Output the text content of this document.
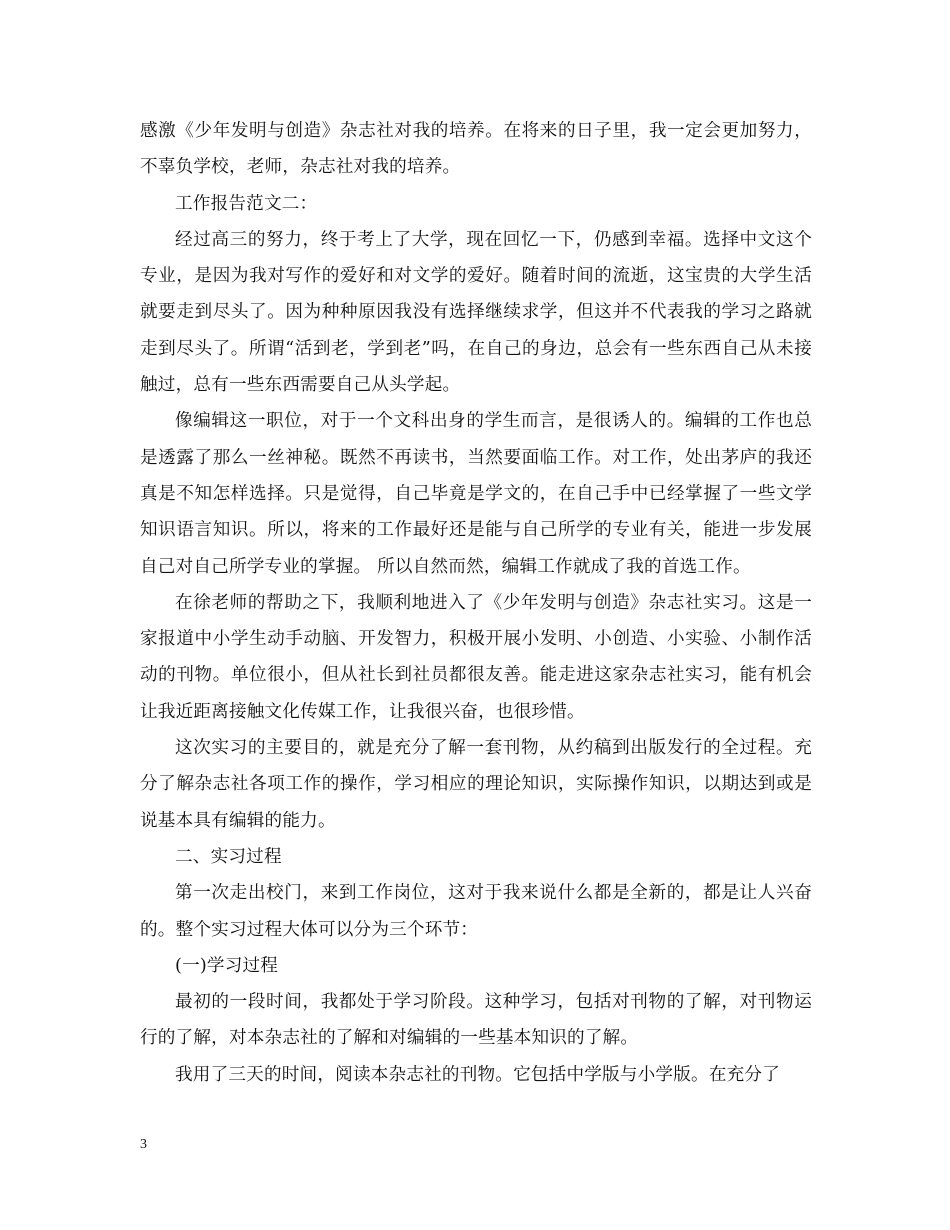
感激《少年发明与创造》杂志社对我的培养。在将来的日子里，我一定会更加努力，不辜负学校，老师，杂志社对我的培养。

工作报告范文二：

经过高三的努力，终于考上了大学，现在回忆一下，仍感到幸福。选择中文这个专业，是因为我对写作的爱好和对文学的爱好。随着时间的流逝，这宝贵的大学生活就要走到尽头了。因为种种原因我没有选择继续求学，但这并不代表我的学习之路就走到尽头了。所谓“活到老，学到老”吗，在自己的身边，总会有一些东西自己从未接触过，总有一些东西需要自己从头学起。

像编辑这一职位，对于一个文科出身的学生而言，是很诱人的。编辑的工作也总是透露了那么一丝神秘。既然不再读书，当然要面临工作。对工作，处出茅庐的我还真是不知怎样选择。只是觉得，自己毕竟是学文的，在自己手中已经掌握了一些文学知识语言知识。所以，将来的工作最好还是能与自己所学的专业有关，能进一步发展自己对自己所学专业的掌握。 所以自然而然，编辑工作就成了我的首选工作。

在徐老师的帮助之下，我顺利地进入了《少年发明与创造》杂志社实习。这是一家报道中小学生动手动脑、开发智力，积极开展小发明、小创造、小实验、小制作活动的刊物。单位很小，但从社长到社员都很友善。能走进这家杂志社实习，能有机会让我近距离接触文化传媒工作，让我很兴奋，也很珍惜。

这次实习的主要目的，就是充分了解一套刊物，从约稿到出版发行的全过程。充分了解杂志社各项工作的操作，学习相应的理论知识，实际操作知识，以期达到或是说基本具有编辑的能力。

二、实习过程

第一次走出校门，来到工作岗位，这对于我来说什么都是全新的，都是让人兴奋的。整个实习过程大体可以分为三个环节：

(一)学习过程

最初的一段时间，我都处于学习阶段。这种学习，包括对刊物的了解，对刊物运行的了解，对本杂志社的了解和对编辑的一些基本知识的了解。

我用了三天的时间，阅读本杂志社的刊物。它包括中学版与小学版。在充分了

3
